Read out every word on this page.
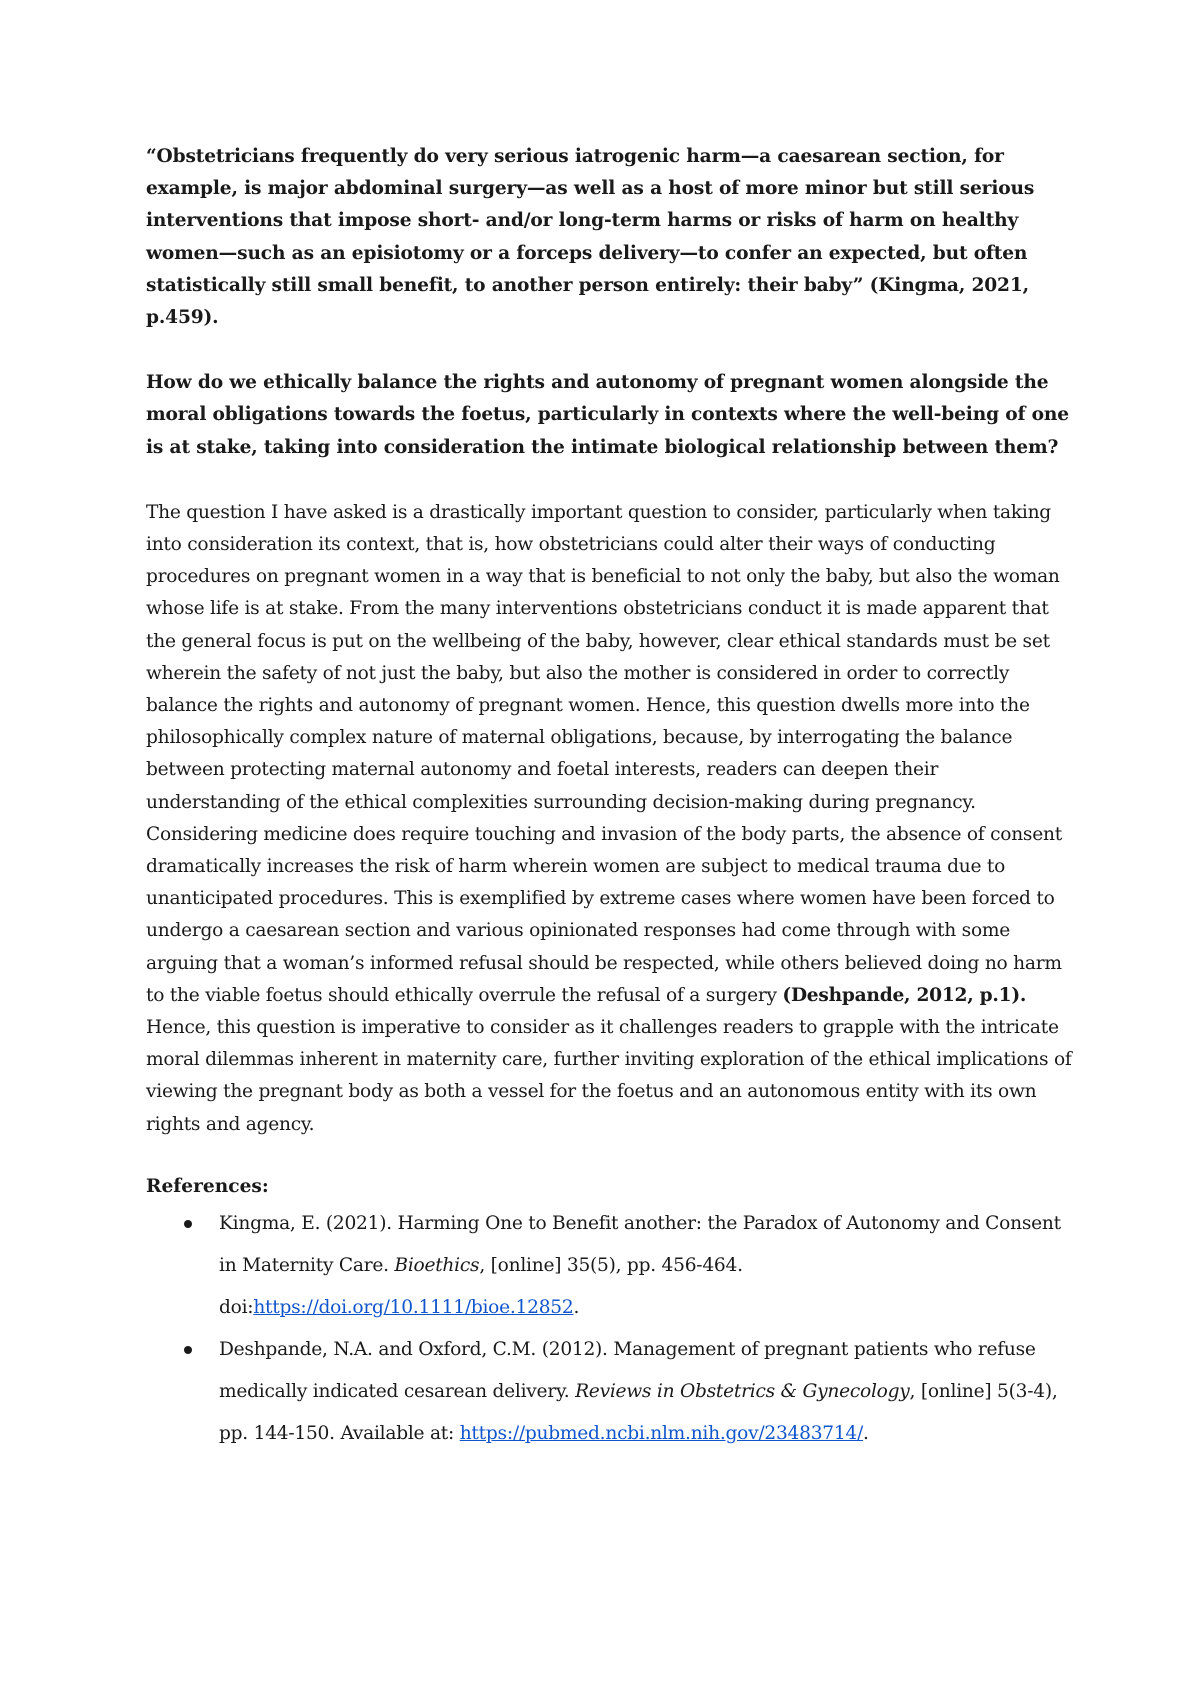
“Obstetricians frequently do very serious iatrogenic harm—a caesarean section, for example, is major abdominal surgery—as well as a host of more minor but still serious interventions that impose short- and/or long-term harms or risks of harm on healthy women—such as an episiotomy or a forceps delivery—to confer an expected, but often statistically still small benefit, to another person entirely: their baby” (Kingma, 2021, p.459).

How do we ethically balance the rights and autonomy of pregnant women alongside the moral obligations towards the foetus, particularly in contexts where the well-being of one is at stake, taking into consideration the intimate biological relationship between them?

The question I have asked is a drastically important question to consider, particularly when taking into consideration its context, that is, how obstetricians could alter their ways of conducting procedures on pregnant women in a way that is beneficial to not only the baby, but also the woman whose life is at stake. From the many interventions obstetricians conduct it is made apparent that the general focus is put on the wellbeing of the baby, however, clear ethical standards must be set wherein the safety of not just the baby, but also the mother is considered in order to correctly balance the rights and autonomy of pregnant women. Hence, this question dwells more into the philosophically complex nature of maternal obligations, because, by interrogating the balance between protecting maternal autonomy and foetal interests, readers can deepen their understanding of the ethical complexities surrounding decision-making during pregnancy. Considering medicine does require touching and invasion of the body parts, the absence of consent dramatically increases the risk of harm wherein women are subject to medical trauma due to unanticipated procedures. This is exemplified by extreme cases where women have been forced to undergo a caesarean section and various opinionated responses had come through with some arguing that a woman’s informed refusal should be respected, while others believed doing no harm to the viable foetus should ethically overrule the refusal of a surgery (Deshpande, 2012, p.1). Hence, this question is imperative to consider as it challenges readers to grapple with the intricate moral dilemmas inherent in maternity care, further inviting exploration of the ethical implications of viewing the pregnant body as both a vessel for the foetus and an autonomous entity with its own rights and agency.

References:
Kingma, E. (2021). Harming One to Benefit another: the Paradox of Autonomy and Consent in Maternity Care. Bioethics, [online] 35(5), pp. 456-464. doi:https://doi.org/10.1111/bioe.12852.
Deshpande, N.A. and Oxford, C.M. (2012). Management of pregnant patients who refuse medically indicated cesarean delivery. Reviews in Obstetrics & Gynecology, [online] 5(3-4), pp. 144-150. Available at: https://pubmed.ncbi.nlm.nih.gov/23483714/.
